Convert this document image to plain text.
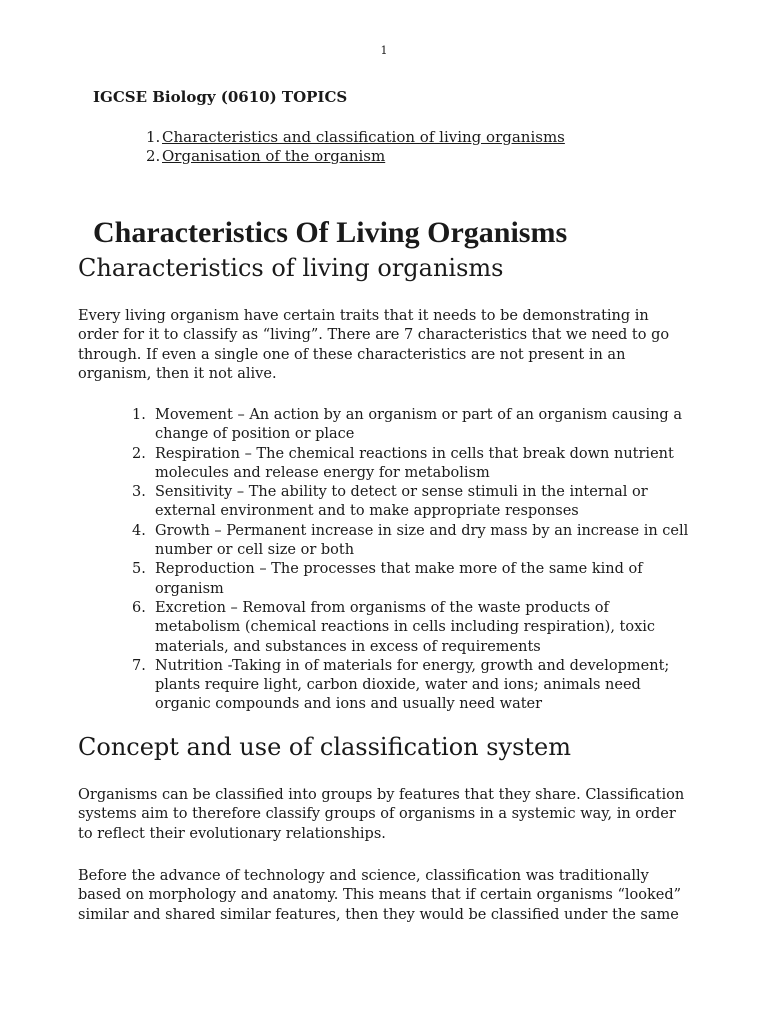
1

IGCSE Biology (0610) TOPICS

1. Characteristics and classification of living organisms
2. Organisation of the organism
Characteristics Of Living Organisms
Characteristics of living organisms

Every living organism have certain traits that it needs to be demonstrating in order for it to classify as “living”. There are 7 characteristics that we need to go through. If even a single one of these characteristics are not present in an organism, then it not alive.

1. Movement – An action by an organism or part of an organism causing a change of position or place
2. Respiration – The chemical reactions in cells that break down nutrient molecules and release energy for metabolism
3. Sensitivity – The ability to detect or sense stimuli in the internal or external environment and to make appropriate responses
4. Growth – Permanent increase in size and dry mass by an increase in cell number or cell size or both
5. Reproduction – The processes that make more of the same kind of organism
6. Excretion – Removal from organisms of the waste products of metabolism (chemical reactions in cells including respiration), toxic materials, and substances in excess of requirements
7. Nutrition -Taking in of materials for energy, growth and development; plants require light, carbon dioxide, water and ions; animals need organic compounds and ions and usually need water
Concept and use of classification system

Organisms can be classified into groups by features that they share. Classification systems aim to therefore classify groups of organisms in a systemic way, in order to reflect their evolutionary relationships.

Before the advance of technology and science, classification was traditionally based on morphology and anatomy. This means that if certain organisms “looked” similar and shared similar features, then they would be classified under the same
